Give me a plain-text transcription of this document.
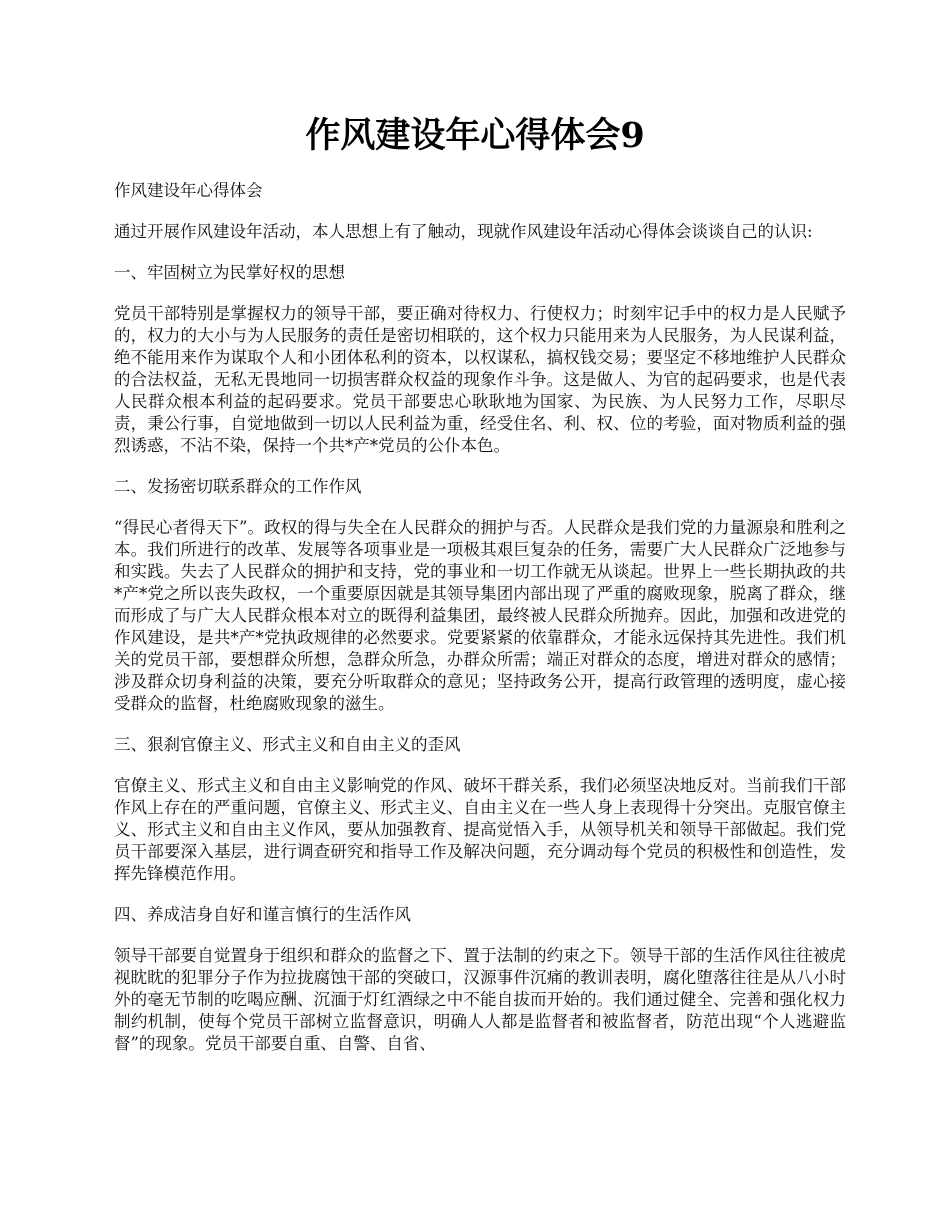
作风建设年心得体会9

作风建设年心得体会

通过开展作风建设年活动，本人思想上有了触动，现就作风建设年活动心得体会谈谈自己的认识:

一、牢固树立为民掌好权的思想

党员干部特别是掌握权力的领导干部，要正确对待权力、行使权力；时刻牢记手中的权力是人民赋予的，权力的大小与为人民服务的责任是密切相联的，这个权力只能用来为人民服务，为人民谋利益，绝不能用来作为谋取个人和小团体私利的资本，以权谋私，搞权钱交易；要坚定不移地维护人民群众的合法权益，无私无畏地同一切损害群众权益的现象作斗争。这是做人、为官的起码要求，也是代表人民群众根本利益的起码要求。党员干部要忠心耿耿地为国家、为民族、为人民努力工作，尽职尽责，秉公行事，自觉地做到一切以人民利益为重，经受住名、利、权、位的考验，面对物质利益的强烈诱惑，不沾不染，保持一个共*产*党员的公仆本色。

二、发扬密切联系群众的工作作风

“得民心者得天下”。政权的得与失全在人民群众的拥护与否。人民群众是我们党的力量源泉和胜利之本。我们所进行的改革、发展等各项事业是一项极其艰巨复杂的任务，需要广大人民群众广泛地参与和实践。失去了人民群众的拥护和支持，党的事业和一切工作就无从谈起。世界上一些长期执政的共*产*党之所以丧失政权，一个重要原因就是其领导集团内部出现了严重的腐败现象，脱离了群众，继而形成了与广大人民群众根本对立的既得利益集团，最终被人民群众所抛弃。因此，加强和改进党的作风建设，是共*产*党执政规律的必然要求。党要紧紧的依靠群众，才能永远保持其先进性。我们机关的党员干部，要想群众所想，急群众所急，办群众所需；端正对群众的态度，增进对群众的感情；涉及群众切身利益的决策，要充分听取群众的意见；坚持政务公开，提高行政管理的透明度，虚心接受群众的监督，杜绝腐败现象的滋生。

三、狠刹官僚主义、形式主义和自由主义的歪风

官僚主义、形式主义和自由主义影响党的作风、破坏干群关系，我们必须坚决地反对。当前我们干部作风上存在的严重问题，官僚主义、形式主义、自由主义在一些人身上表现得十分突出。克服官僚主义、形式主义和自由主义作风，要从加强教育、提高觉悟入手，从领导机关和领导干部做起。我们党员干部要深入基层，进行调查研究和指导工作及解决问题，充分调动每个党员的积极性和创造性，发挥先锋模范作用。

四、养成洁身自好和谨言慎行的生活作风

领导干部要自觉置身于组织和群众的监督之下、置于法制的约束之下。领导干部的生活作风往往被虎视眈眈的犯罪分子作为拉拢腐蚀干部的突破口，汉源事件沉痛的教训表明，腐化堕落往往是从八小时外的毫无节制的吃喝应酬、沉湎于灯红酒绿之中不能自拔而开始的。我们通过健全、完善和强化权力制约机制，使每个党员干部树立监督意识，明确人人都是监督者和被监督者，防范出现“个人逃避监督”的现象。党员干部要自重、自警、自省、
